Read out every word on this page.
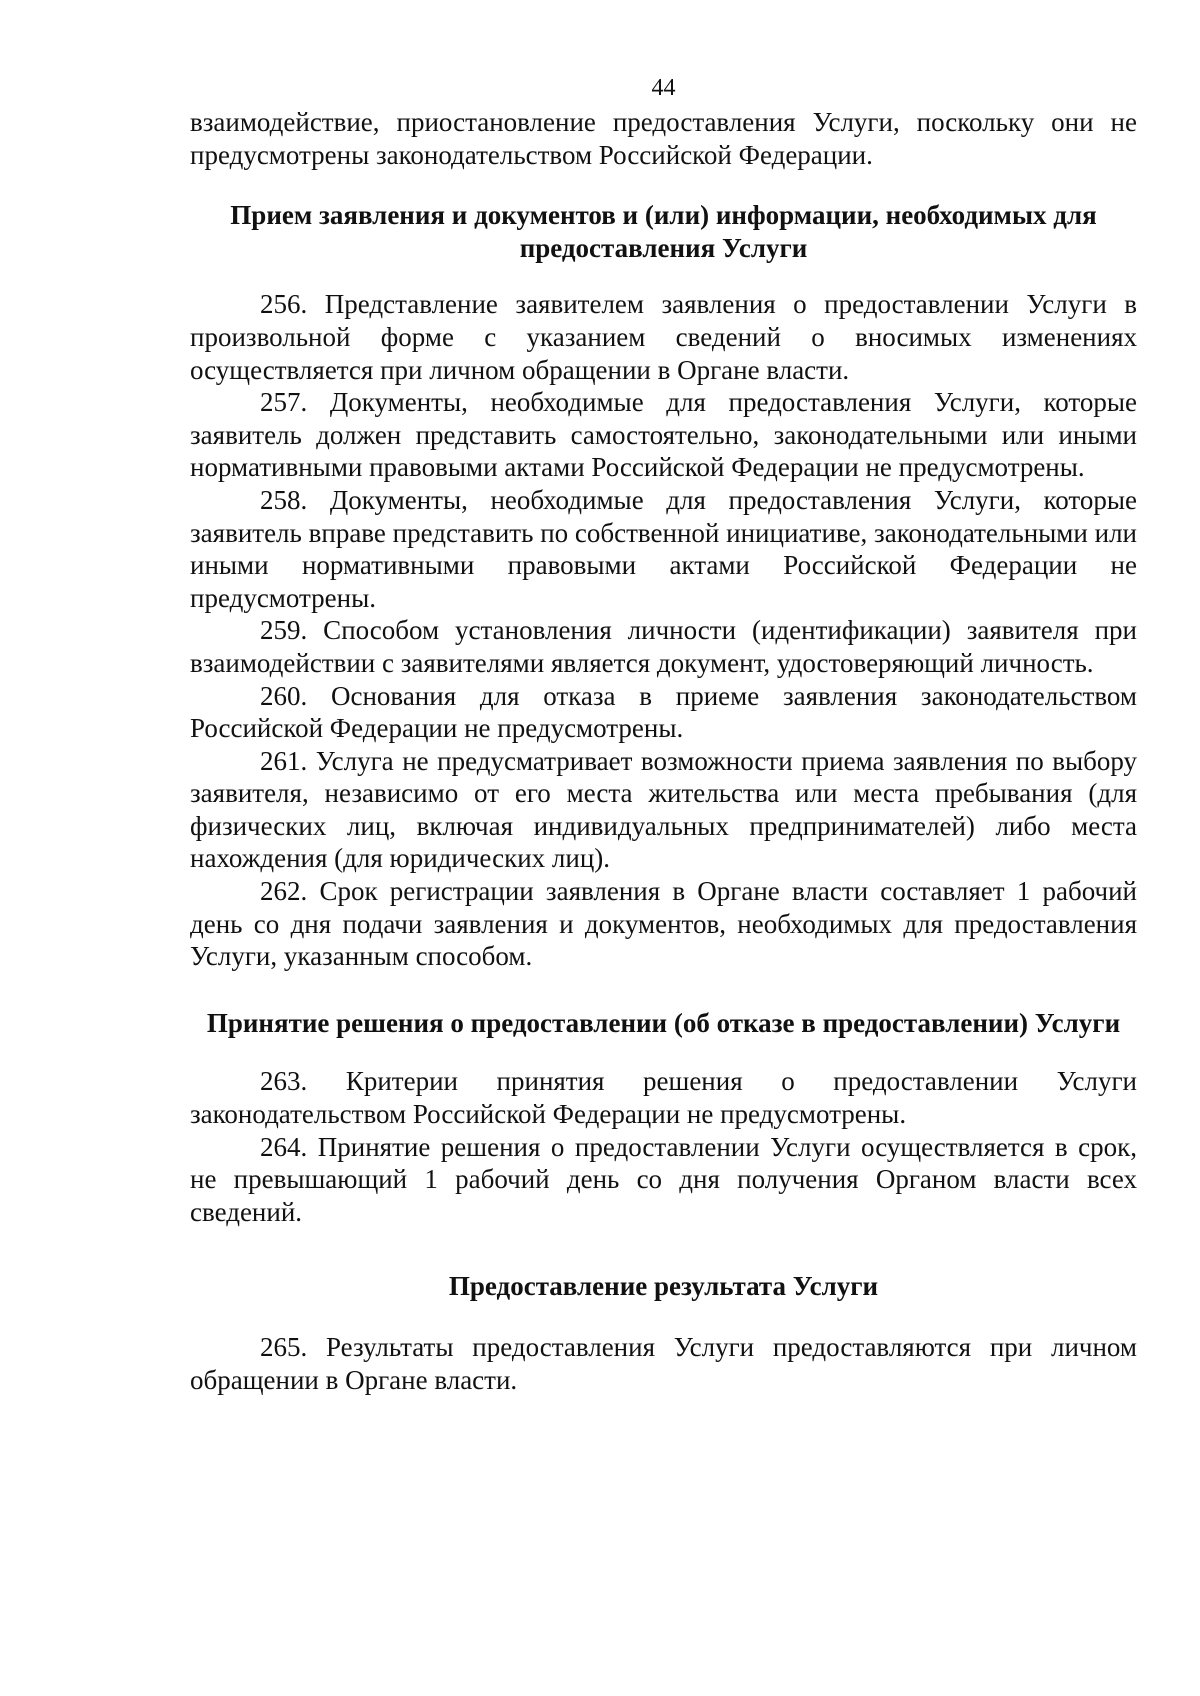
44

взаимодействие, приостановление предоставления Услуги, поскольку они не предусмотрены законодательством Российской Федерации.

Прием заявления и документов и (или) информации, необходимых для предоставления Услуги

256. Представление заявителем заявления о предоставлении Услуги в произвольной форме с указанием сведений о вносимых изменениях осуществляется при личном обращении в Органе власти.

257. Документы, необходимые для предоставления Услуги, которые заявитель должен представить самостоятельно, законодательными или иными нормативными правовыми актами Российской Федерации не предусмотрены.

258. Документы, необходимые для предоставления Услуги, которые заявитель вправе представить по собственной инициативе, законодательными или иными нормативными правовыми актами Российской Федерации не предусмотрены.

259. Способом установления личности (идентификации) заявителя при взаимодействии с заявителями является документ, удостоверяющий личность.

260. Основания для отказа в приеме заявления законодательством Российской Федерации не предусмотрены.

261. Услуга не предусматривает возможности приема заявления по выбору заявителя, независимо от его места жительства или места пребывания (для физических лиц, включая индивидуальных предпринимателей) либо места нахождения (для юридических лиц).

262. Срок регистрации заявления в Органе власти составляет 1 рабочий день со дня подачи заявления и документов, необходимых для предоставления Услуги, указанным способом.

Принятие решения о предоставлении (об отказе в предоставлении) Услуги

263. Критерии принятия решения о предоставлении Услуги законодательством Российской Федерации не предусмотрены.

264. Принятие решения о предоставлении Услуги осуществляется в срок, не превышающий 1 рабочий день со дня получения Органом власти всех сведений.

Предоставление результата Услуги

265. Результаты предоставления Услуги предоставляются при личном обращении в Органе власти.
